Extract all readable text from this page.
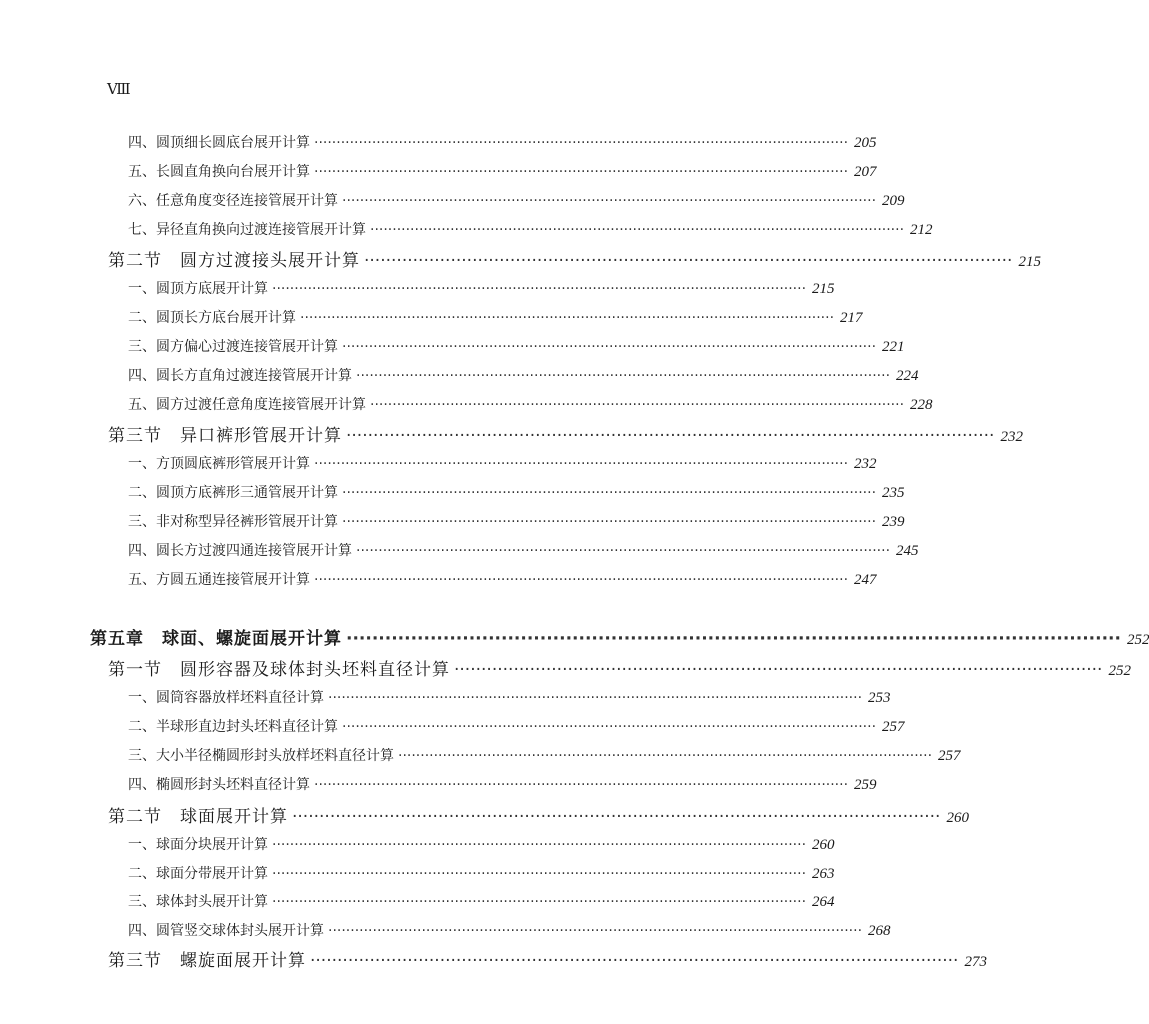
Ⅷ
四、圆顶细长圆底台展开计算 ························································································································ 205
五、长圆直角换向台展开计算 ························································································································ 207
六、任意角度变径连接管展开计算 ························································································································ 209
七、异径直角换向过渡连接管展开计算 ························································································································ 212
第二节　圆方过渡接头展开计算 ························································································································ 215
一、圆顶方底展开计算 ························································································································ 215
二、圆顶长方底台展开计算 ························································································································ 217
三、圆方偏心过渡连接管展开计算 ························································································································ 221
四、圆长方直角过渡连接管展开计算 ························································································································ 224
五、圆方过渡任意角度连接管展开计算 ························································································································ 228
第三节　异口裤形管展开计算 ························································································································ 232
一、方顶圆底裤形管展开计算 ························································································································ 232
二、圆顶方底裤形三通管展开计算 ························································································································ 235
三、非对称型异径裤形管展开计算 ························································································································ 239
四、圆长方过渡四通连接管展开计算 ························································································································ 245
五、方圆五通连接管展开计算 ························································································································ 247
第五章　球面、螺旋面展开计算 ························································································································ 252
第一节　圆形容器及球体封头坯料直径计算 ························································································································ 252
一、圆筒容器放样坯料直径计算 ························································································································ 253
二、半球形直边封头坯料直径计算 ························································································································ 257
三、大小半径椭圆形封头放样坯料直径计算 ························································································································ 257
四、椭圆形封头坯料直径计算 ························································································································ 259
第二节　球面展开计算 ························································································································ 260
一、球面分块展开计算 ························································································································ 260
二、球面分带展开计算 ························································································································ 263
三、球体封头展开计算 ························································································································ 264
四、圆管竖交球体封头展开计算 ························································································································ 268
第三节　螺旋面展开计算 ························································································································ 273
